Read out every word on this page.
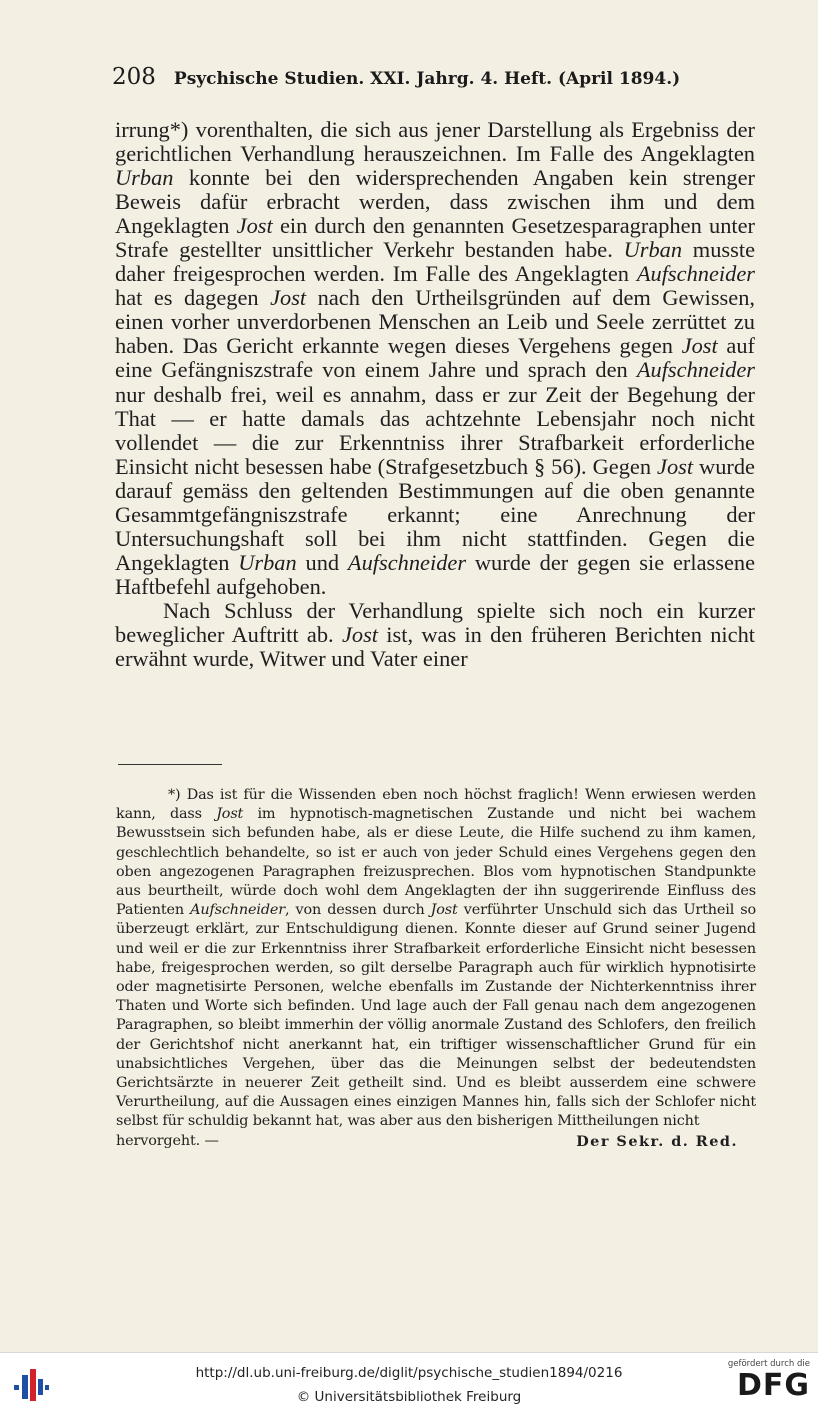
208 Psychische Studien. XXI. Jahrg. 4. Heft. (April 1894.)

irrung*) vorenthalten, die sich aus jener Darstellung als Ergebniss der gerichtlichen Verhandlung herauszeichnen. Im Falle des Angeklagten Urban konnte bei den widersprechenden Angaben kein strenger Beweis dafür erbracht werden, dass zwischen ihm und dem Angeklagten Jost ein durch den genannten Gesetzesparagraphen unter Strafe gestellter unsittlicher Verkehr bestanden habe. Urban musste daher freigesprochen werden. Im Falle des Angeklagten Aufschneider hat es dagegen Jost nach den Urtheilsgründen auf dem Gewissen, einen vorher unverdorbenen Menschen an Leib und Seele zerrüttet zu haben. Das Gericht erkannte wegen dieses Vergehens gegen Jost auf eine Gefängniszstrafe von einem Jahre und sprach den Aufschneider nur deshalb frei, weil es annahm, dass er zur Zeit der Begehung der That — er hatte damals das achtzehnte Lebensjahr noch nicht vollendet — die zur Erkenntniss ihrer Strafbarkeit erforderliche Einsicht nicht besessen habe (Strafgesetzbuch § 56). Gegen Jost wurde darauf gemäss den geltenden Bestimmungen auf die oben genannte Gesammtgefängniszstrafe erkannt; eine Anrechnung der Untersuchungshaft soll bei ihm nicht stattfinden. Gegen die Angeklagten Urban und Aufschneider wurde der gegen sie erlassene Haftbefehl aufgehoben.

Nach Schluss der Verhandlung spielte sich noch ein kurzer beweglicher Auftritt ab. Jost ist, was in den früheren Berichten nicht erwähnt wurde, Witwer und Vater einer

*) Das ist für die Wissenden eben noch höchst fraglich! Wenn erwiesen werden kann, dass Jost im hypnotisch-magnetischen Zustande und nicht bei wachem Bewusstsein sich befunden habe, als er diese Leute, die Hilfe suchend zu ihm kamen, geschlechtlich behandelte, so ist er auch von jeder Schuld eines Vergehens gegen den oben angezogenen Paragraphen freizusprechen. Blos vom hypnotischen Standpunkte aus beurtheilt, würde doch wohl dem Angeklagten der ihn suggerirende Einfluss des Patienten Aufschneider, von dessen durch Jost verführter Unschuld sich das Urtheil so überzeugt erklärt, zur Entschuldigung dienen. Konnte dieser auf Grund seiner Jugend und weil er die zur Erkenntniss ihrer Strafbarkeit erforderliche Einsicht nicht besessen habe, freigesprochen werden, so gilt derselbe Paragraph auch für wirklich hypnotisirte oder magnetisirte Personen, welche ebenfalls im Zustande der Nichterkenntniss ihrer Thaten und Worte sich befinden. Und lage auch der Fall genau nach dem angezogenen Paragraphen, so bleibt immerhin der völlig anormale Zustand des Schlofers, den freilich der Gerichtshof nicht anerkannt hat, ein triftiger wissenschaftlicher Grund für ein unabsichtliches Vergehen, über das die Meinungen selbst der bedeutendsten Gerichtsärzte in neuerer Zeit getheilt sind. Und es bleibt ausserdem eine schwere Verurtheilung, auf die Aussagen eines einzigen Mannes hin, falls sich der Schlofer nicht selbst für schuldig bekannt hat, was aber aus den bisherigen Mittheilungen nicht
hervorgeht. —	Der Sekr. d. Red.
http://dl.ub.uni-freiburg.de/diglit/psychische_studien1894/0216
© Universitätsbibliothek Freiburg
gefördert durch die
DFG
